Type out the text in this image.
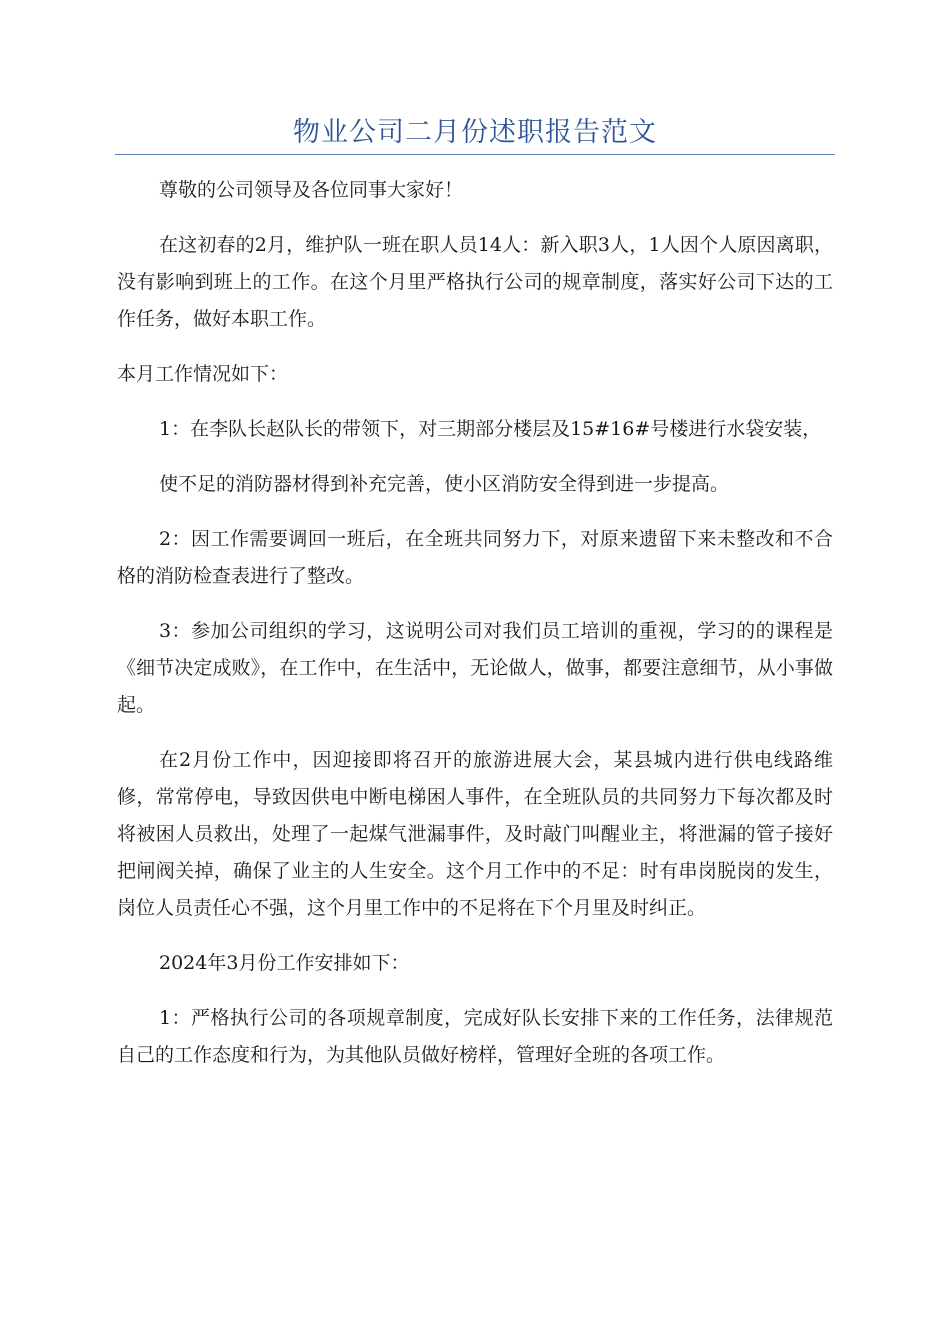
物业公司二月份述职报告范文

尊敬的公司领导及各位同事大家好！

在这初春的2月，维护队一班在职人员14人：新入职3人，1人因个人原因离职，没有影响到班上的工作。在这个月里严格执行公司的规章制度，落实好公司下达的工作任务，做好本职工作。

本月工作情况如下：

1：在李队长赵队长的带领下，对三期部分楼层及15#16#号楼进行水袋安装，

使不足的消防器材得到补充完善，使小区消防安全得到进一步提高。

2：因工作需要调回一班后，在全班共同努力下，对原来遗留下来未整改和不合格的消防检查表进行了整改。

3：参加公司组织的学习，这说明公司对我们员工培训的重视，学习的的课程是《细节决定成败》，在工作中，在生活中，无论做人，做事，都要注意细节，从小事做起。

在2月份工作中，因迎接即将召开的旅游进展大会，某县城内进行供电线路维修，常常停电，导致因供电中断电梯困人事件，在全班队员的共同努力下每次都及时将被困人员救出，处理了一起煤气泄漏事件，及时敲门叫醒业主，将泄漏的管子接好把闸阀关掉，确保了业主的人生安全。这个月工作中的不足：时有串岗脱岗的发生，岗位人员责任心不强，这个月里工作中的不足将在下个月里及时纠正。

2024年3月份工作安排如下：

1：严格执行公司的各项规章制度，完成好队长安排下来的工作任务，法律规范自己的工作态度和行为，为其他队员做好榜样，管理好全班的各项工作。
